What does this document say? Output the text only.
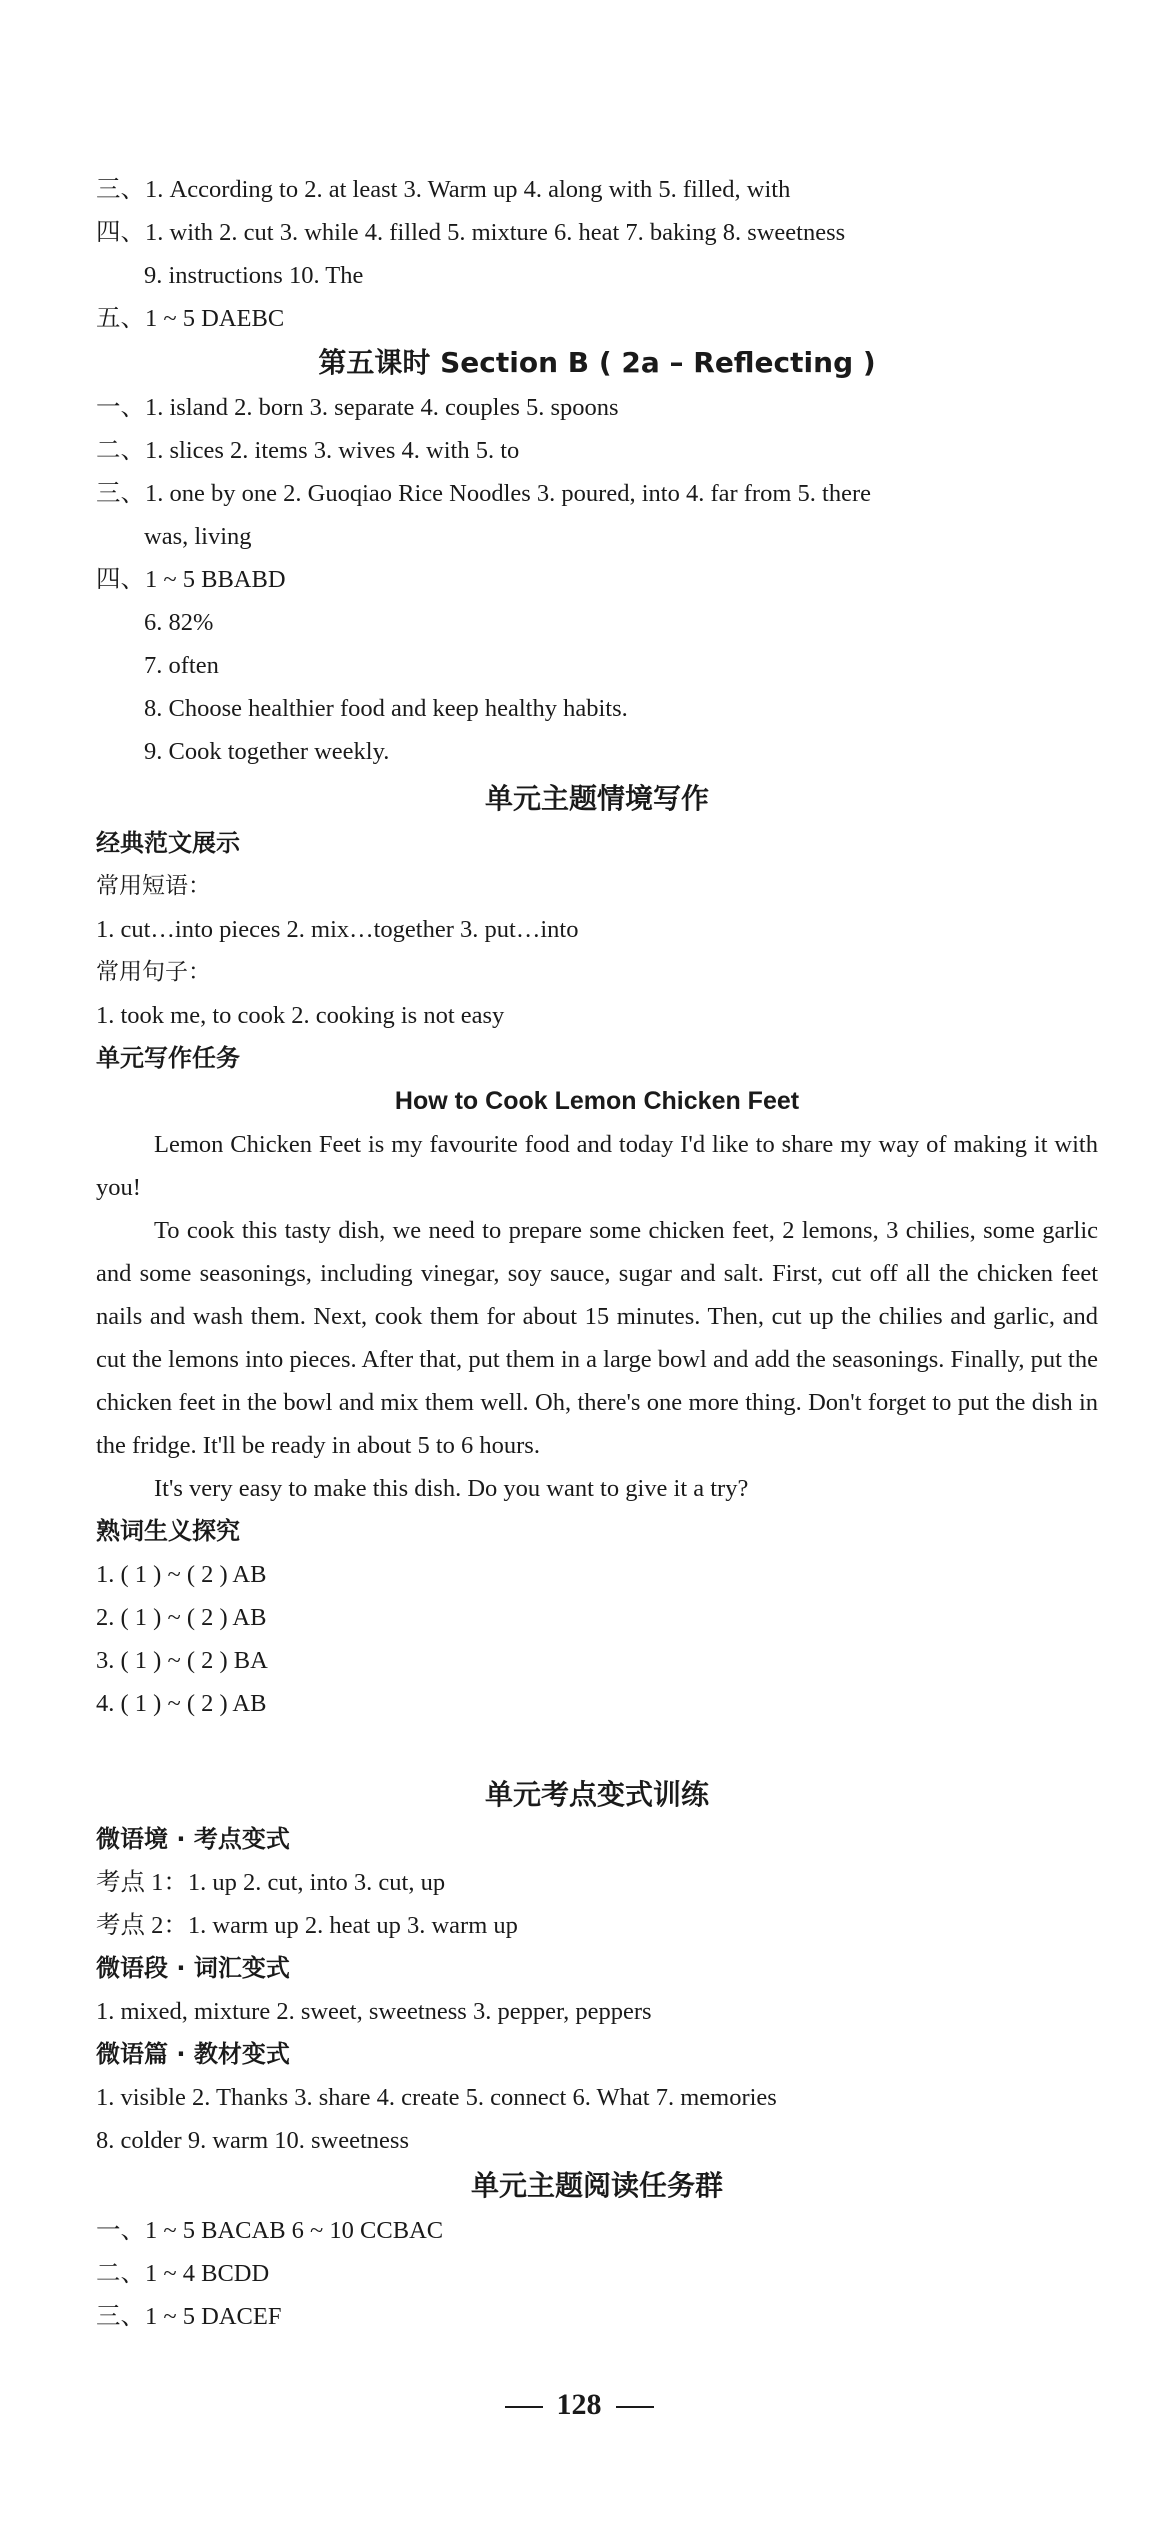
三、1. According to 2. at least 3. Warm up 4. along with 5. filled, with
四、1. with 2. cut 3. while 4. filled 5. mixture 6. heat 7. baking 8. sweetness
9. instructions 10. The
五、1 ~ 5 DAEBC
第五课时 Section B ( 2a – Reflecting )
一、1. island 2. born 3. separate 4. couples 5. spoons
二、1. slices 2. items 3. wives 4. with 5. to
三、1. one by one 2. Guoqiao Rice Noodles 3. poured, into 4. far from 5. there
was, living
四、1 ~ 5 BBABD
6. 82%
7. often
8. Choose healthier food and keep healthy habits.
9. Cook together weekly.
单元主题情境写作
经典范文展示
常用短语：
1. cut…into pieces 2. mix…together 3. put…into
常用句子：
1. took me, to cook 2. cooking is not easy
单元写作任务
How to Cook Lemon Chicken Feet

Lemon Chicken Feet is my favourite food and today I'd like to share my way of making it with you!

To cook this tasty dish, we need to prepare some chicken feet, 2 lemons, 3 chilies, some garlic and some seasonings, including vinegar, soy sauce, sugar and salt. First, cut off all the chicken feet nails and wash them. Next, cook them for about 15 minutes. Then, cut up the chilies and garlic, and cut the lemons into pieces. After that, put them in a large bowl and add the seasonings. Finally, put the chicken feet in the bowl and mix them well. Oh, there's one more thing. Don't forget to put the dish in the fridge. It'll be ready in about 5 to 6 hours.

It's very easy to make this dish. Do you want to give it a try?

熟词生义探究
1. ( 1 ) ~ ( 2 ) AB
2. ( 1 ) ~ ( 2 ) AB
3. ( 1 ) ~ ( 2 ) BA
4. ( 1 ) ~ ( 2 ) AB
单元考点变式训练
微语境 · 考点变式
考点 1：1. up 2. cut, into 3. cut, up
考点 2：1. warm up 2. heat up 3. warm up
微语段 · 词汇变式
1. mixed, mixture 2. sweet, sweetness 3. pepper, peppers
微语篇 · 教材变式
1. visible 2. Thanks 3. share 4. create 5. connect 6. What 7. memories
8. colder 9. warm 10. sweetness
单元主题阅读任务群
一、1 ~ 5 BACAB 6 ~ 10 CCBAC
二、1 ~ 4 BCDD
三、1 ~ 5 DACEF
128
